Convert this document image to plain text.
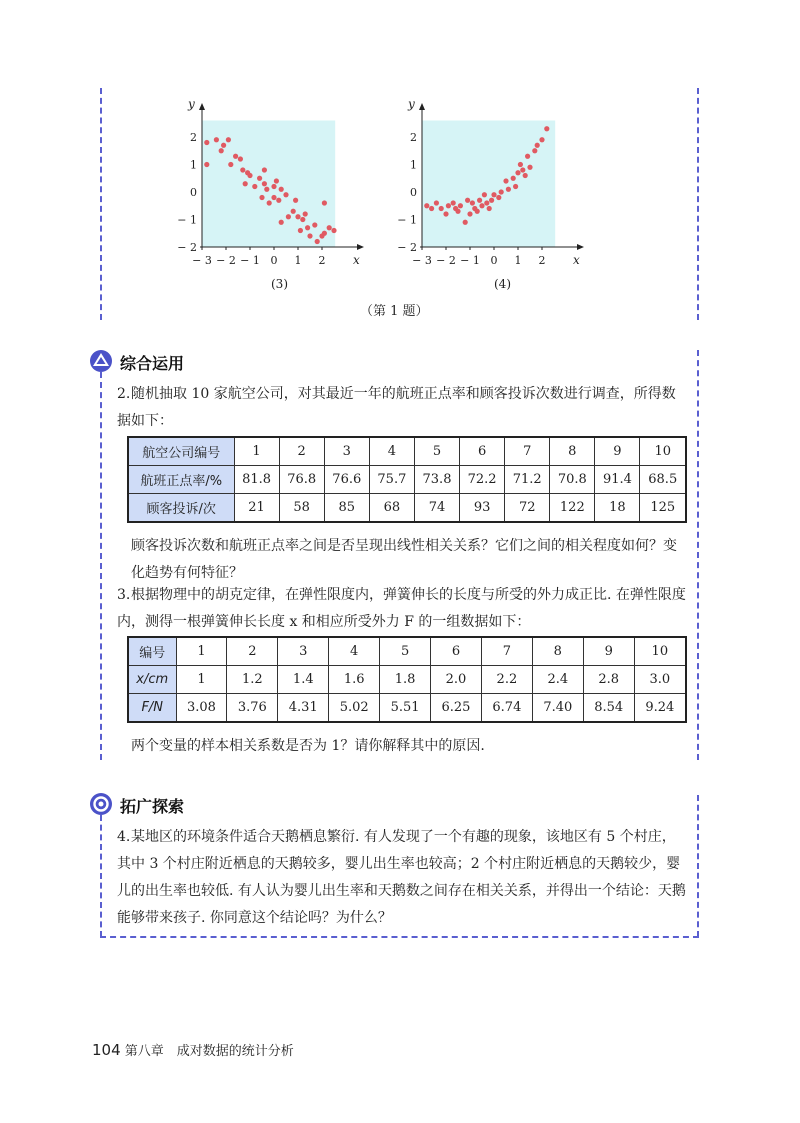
x
y
− 3 − 2 − 1 0 1 2
− 2
− 1
0
1
2
x
y
− 3 − 2 − 1 0 1 2
− 2
− 1
0
1
2
(3)	(4)
（第 1 题）
综合运用
2.随机抽取 10 家航空公司，对其最近一年的航班正点率和顾客投诉次数进行调查，所得数据如下：
航空公司编号	1	2	3	4	5	6	7	8	9	10
航班正点率/%	81.8	76.8	76.6	75.7	73.8	72.2	71.2	70.8	91.4	68.5
顾客投诉/次	21	58	85	68	74	93	72	122	18	125
顾客投诉次数和航班正点率之间是否呈现出线性相关关系？它们之间的相关程度如何？变化趋势有何特征？
3.根据物理中的胡克定律，在弹性限度内，弹簧伸长的长度与所受的外力成正比. 在弹性限度内，测得一根弹簧伸长长度 x 和相应所受外力 F 的一组数据如下：
编号	1	2	3	4	5	6	7	8	9	10
x/cm	1	1.2	1.4	1.6	1.8	2.0	2.2	2.4	2.8	3.0
F/N	3.08	3.76	4.31	5.02	5.51	6.25	6.74	7.40	8.54	9.24
两个变量的样本相关系数是否为 1？请你解释其中的原因.
拓广探索
4.某地区的环境条件适合天鹅栖息繁衍. 有人发现了一个有趣的现象，该地区有 5 个村庄，其中 3 个村庄附近栖息的天鹅较多，婴儿出生率也较高；2 个村庄附近栖息的天鹅较少，婴儿的出生率也较低. 有人认为婴儿出生率和天鹅数之间存在相关关系，并得出一个结论：天鹅能够带来孩子. 你同意这个结论吗？为什么？
104 第八章　成对数据的统计分析
